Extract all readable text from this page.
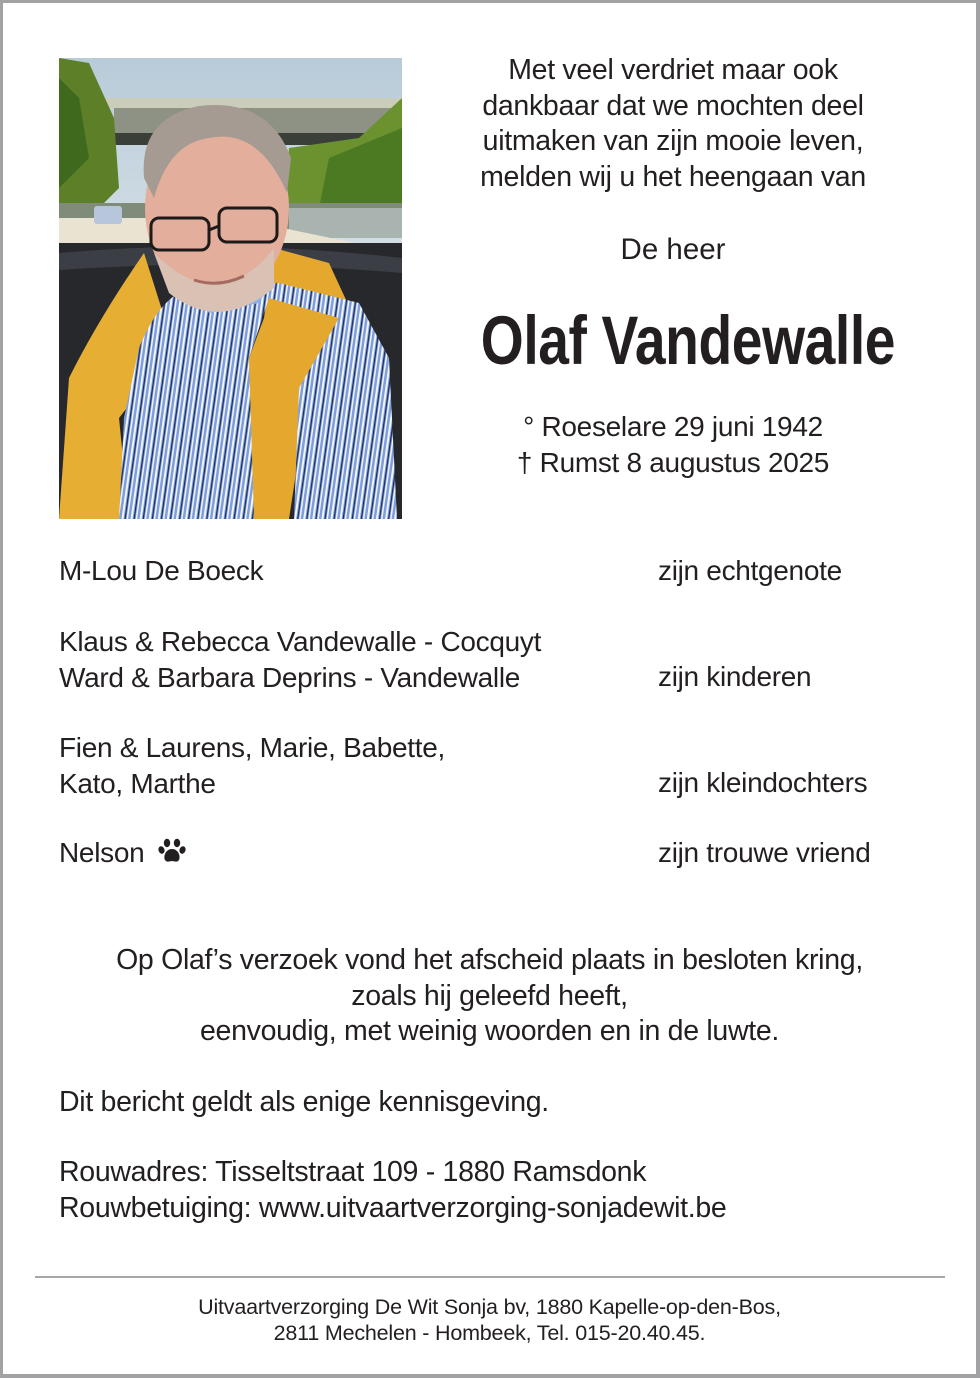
Met veel verdriet maar ook
dankbaar dat we mochten deel
uitmaken van zijn mooie leven,
melden wij u het heengaan van
De heer
Olaf Vandewalle
° Roeselare 29 juni 1942
† Rumst 8 augustus 2025
M-Lou De Boeck	zijn echtgenote
Klaus & Rebecca Vandewalle - Cocquyt
Ward & Barbara Deprins - Vandewalle	zijn kinderen
Fien & Laurens, Marie, Babette,
Kato, Marthe	zijn kleindochters
Nelson	zijn trouwe vriend
Op Olaf’s verzoek vond het afscheid plaats in besloten kring,
zoals hij geleefd heeft,
eenvoudig, met weinig woorden en in de luwte.
Dit bericht geldt als enige kennisgeving.
Rouwadres: Tisseltstraat 109 - 1880 Ramsdonk
Rouwbetuiging: www.uitvaartverzorging-sonjadewit.be
Uitvaartverzorging De Wit Sonja bv, 1880 Kapelle-op-den-Bos,
2811 Mechelen - Hombeek, Tel. 015-20.40.45.
